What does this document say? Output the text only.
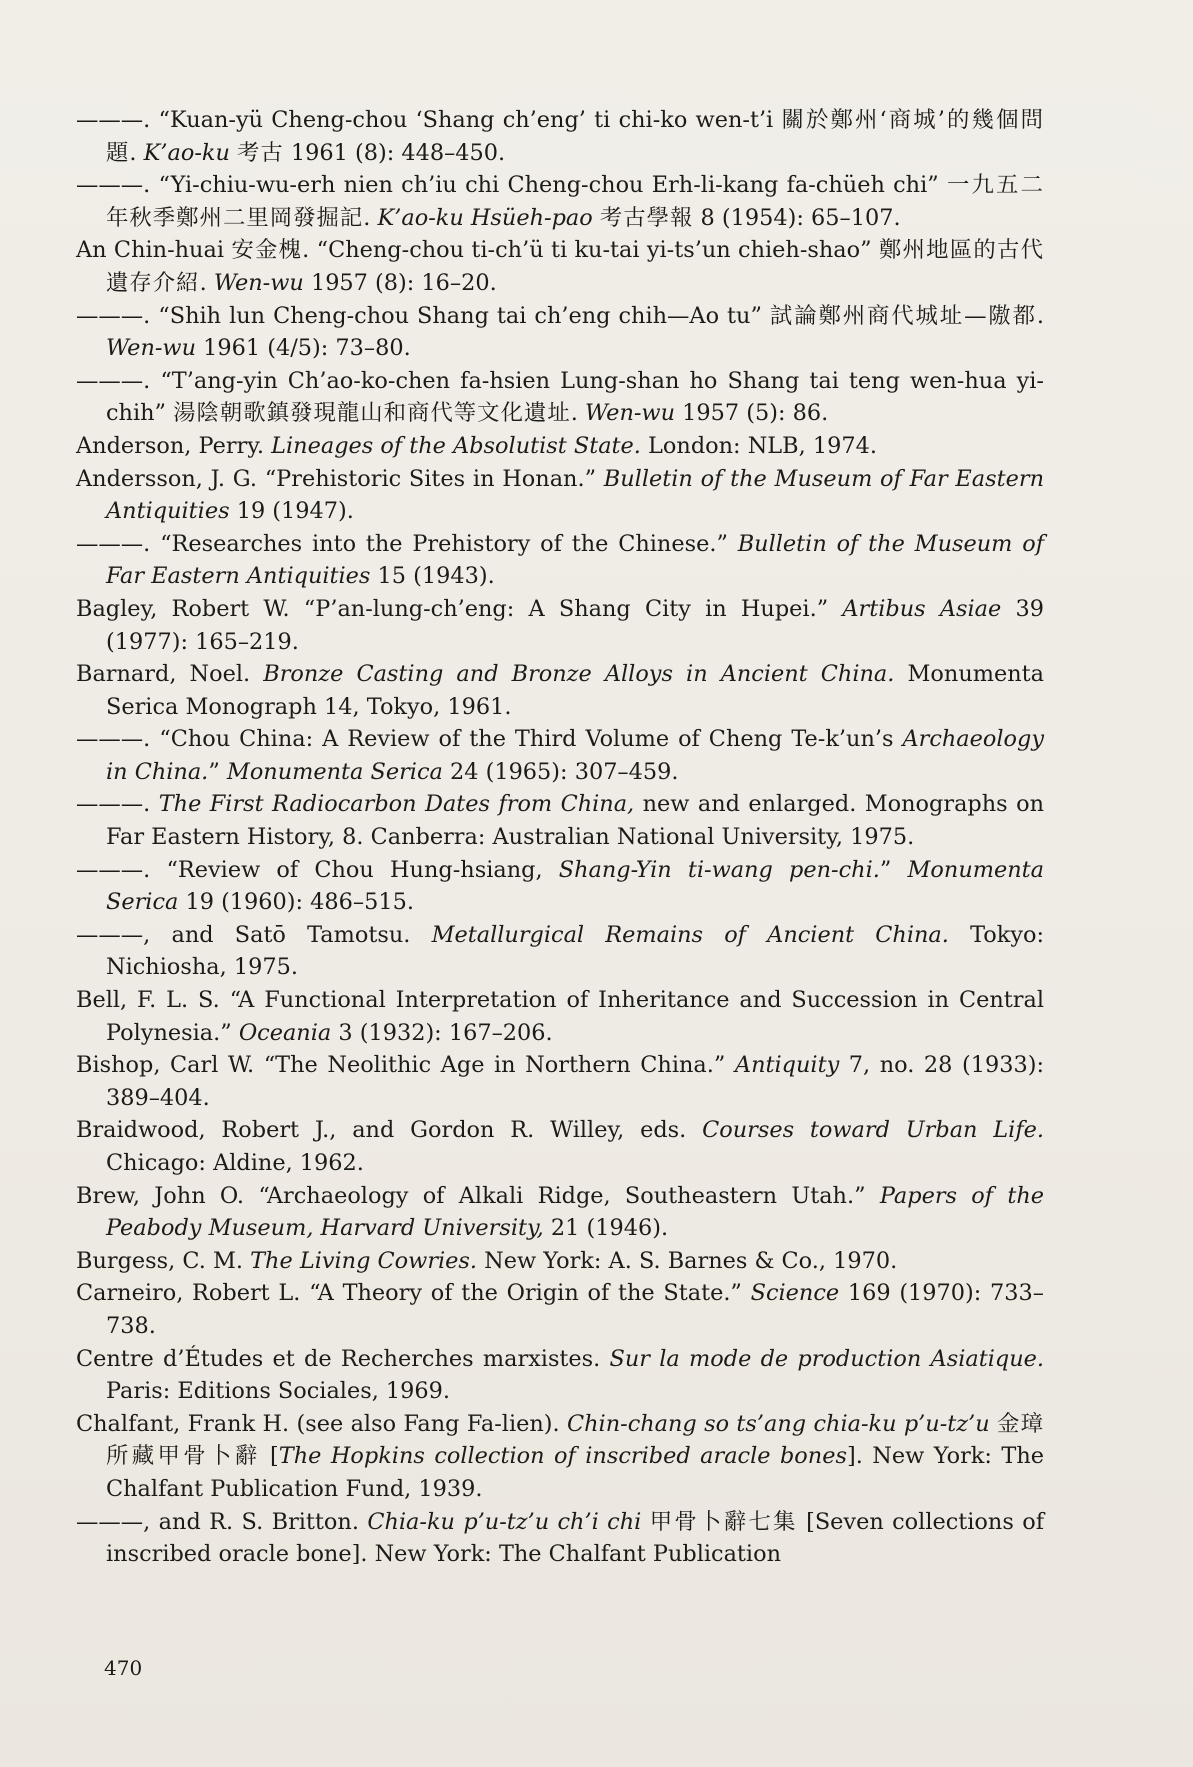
———. “Kuan-yü Cheng-chou ‘Shang ch’eng’ ti chi-ko wen-t’i 關於鄭州‘商城’的幾個問題. K’ao-ku 考古 1961 (8): 448–450.

———. “Yi-chiu-wu-erh nien ch’iu chi Cheng-chou Erh-li-kang fa-chüeh chi” 一九五二年秋季鄭州二里岡發掘記. K’ao-ku Hsüeh-pao 考古學報 8 (1954): 65–107.

An Chin-huai 安金槐. “Cheng-chou ti-ch’ü ti ku-tai yi-ts’un chieh-shao” 鄭州地區的古代遺存介紹. Wen-wu 1957 (8): 16–20.

———. “Shih lun Cheng-chou Shang tai ch’eng chih—Ao tu” 試論鄭州商代城址—隞都. Wen-wu 1961 (4/5): 73–80.

———. “T’ang-yin Ch’ao-ko-chen fa-hsien Lung-shan ho Shang tai teng wen-hua yi-chih” 湯陰朝歌鎮發現龍山和商代等文化遺址. Wen-wu 1957 (5): 86.

Anderson, Perry. Lineages of the Absolutist State. London: NLB, 1974.

Andersson, J. G. “Prehistoric Sites in Honan.” Bulletin of the Museum of Far Eastern Antiquities 19 (1947).

———. “Researches into the Prehistory of the Chinese.” Bulletin of the Museum of Far Eastern Antiquities 15 (1943).

Bagley, Robert W. “P’an-lung-ch’eng: A Shang City in Hupei.” Artibus Asiae 39 (1977): 165–219.

Barnard, Noel. Bronze Casting and Bronze Alloys in Ancient China. Monumenta Serica Monograph 14, Tokyo, 1961.

———. “Chou China: A Review of the Third Volume of Cheng Te-k’un’s Archaeology in China.” Monumenta Serica 24 (1965): 307–459.

———. The First Radiocarbon Dates from China, new and enlarged. Monographs on Far Eastern History, 8. Canberra: Australian National University, 1975.

———. “Review of Chou Hung-hsiang, Shang-Yin ti-wang pen-chi.” Monumenta Serica 19 (1960): 486–515.

———, and Satō Tamotsu. Metallurgical Remains of Ancient China. Tokyo: Nichiosha, 1975.

Bell, F. L. S. “A Functional Interpretation of Inheritance and Succession in Central Polynesia.” Oceania 3 (1932): 167–206.

Bishop, Carl W. “The Neolithic Age in Northern China.” Antiquity 7, no. 28 (1933): 389–404.

Braidwood, Robert J., and Gordon R. Willey, eds. Courses toward Urban Life. Chicago: Aldine, 1962.

Brew, John O. “Archaeology of Alkali Ridge, Southeastern Utah.” Papers of the Peabody Museum, Harvard University, 21 (1946).

Burgess, C. M. The Living Cowries. New York: A. S. Barnes & Co., 1970.

Carneiro, Robert L. “A Theory of the Origin of the State.” Science 169 (1970): 733–738.

Centre d’Études et de Recherches marxistes. Sur la mode de production Asiatique. Paris: Editions Sociales, 1969.

Chalfant, Frank H. (see also Fang Fa-lien). Chin-chang so ts’ang chia-ku p’u-tz’u 金璋所藏甲骨卜辭 [The Hopkins collection of inscribed aracle bones]. New York: The Chalfant Publication Fund, 1939.

———, and R. S. Britton. Chia-ku p’u-tz’u ch’i chi 甲骨卜辭七集 [Seven collections of inscribed oracle bone]. New York: The Chalfant Publication

470
